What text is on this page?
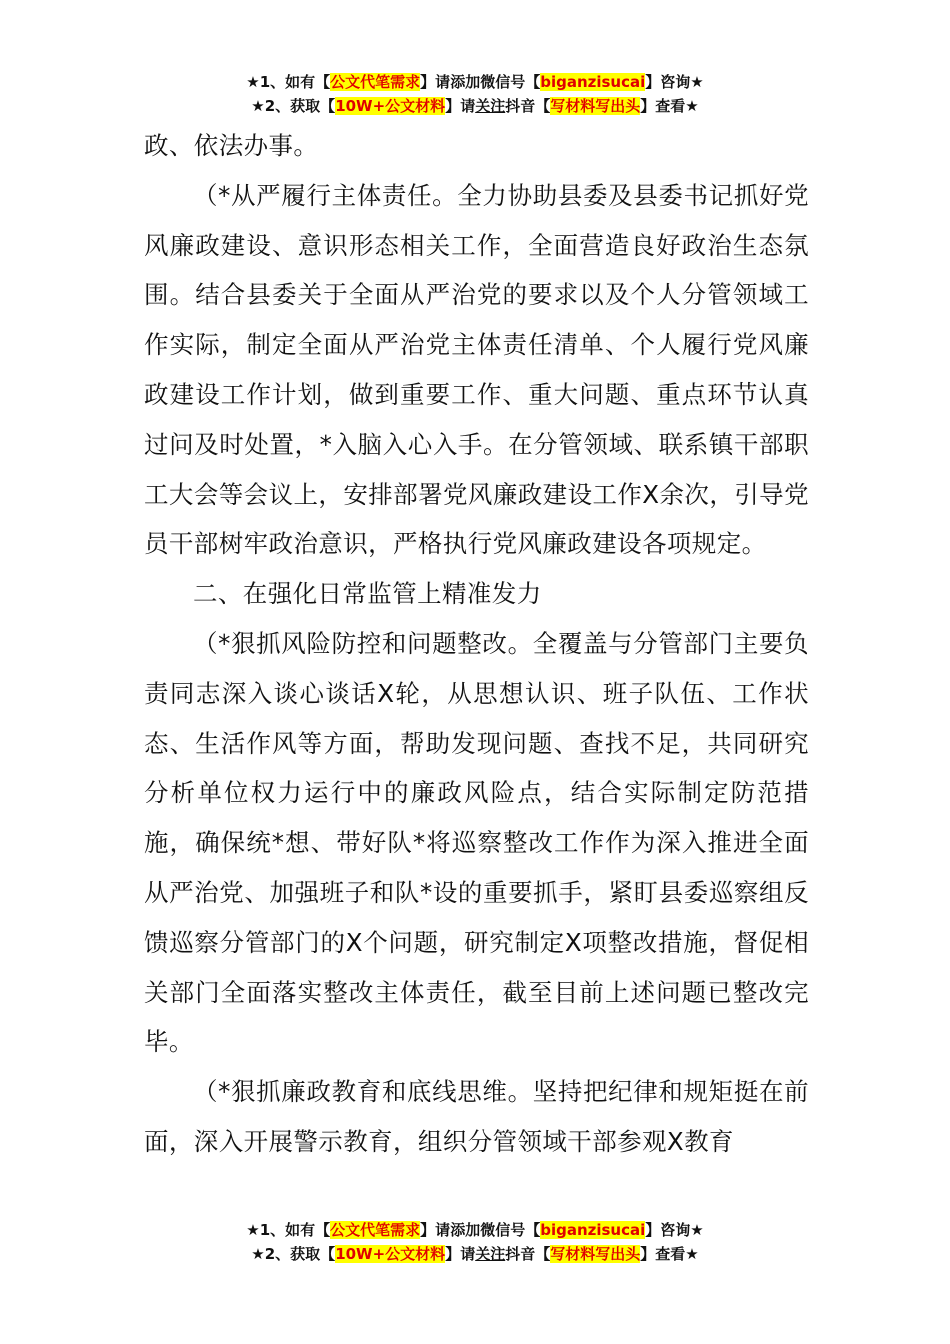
★1、如有【公文代笔需求】请添加微信号【biganzisucai】咨询★
★2、获取【10W+公文材料】请关注抖音【写材料写出头】查看★

政、依法办事。

（*从严履行主体责任。全力协助县委及县委书记抓好党风廉政建设、意识形态相关工作，全面营造良好政治生态氛围。结合县委关于全面从严治党的要求以及个人分管领域工作实际，制定全面从严治党主体责任清单、个人履行党风廉政建设工作计划，做到重要工作、重大问题、重点环节认真过问及时处置，*入脑入心入手。在分管领域、联系镇干部职工大会等会议上，安排部署党风廉政建设工作X余次，引导党员干部树牢政治意识，严格执行党风廉政建设各项规定。

二、在强化日常监管上精准发力

（*狠抓风险防控和问题整改。全覆盖与分管部门主要负责同志深入谈心谈话X轮，从思想认识、班子队伍、工作状态、生活作风等方面，帮助发现问题、查找不足，共同研究分析单位权力运行中的廉政风险点，结合实际制定防范措施，确保统*想、带好队*将巡察整改工作作为深入推进全面从严治党、加强班子和队*设的重要抓手，紧盯县委巡察组反馈巡察分管部门的X个问题，研究制定X项整改措施，督促相关部门全面落实整改主体责任，截至目前上述问题已整改完毕。

（*狠抓廉政教育和底线思维。坚持把纪律和规矩挺在前面，深入开展警示教育，组织分管领域干部参观X教育

★1、如有【公文代笔需求】请添加微信号【biganzisucai】咨询★
★2、获取【10W+公文材料】请关注抖音【写材料写出头】查看★
